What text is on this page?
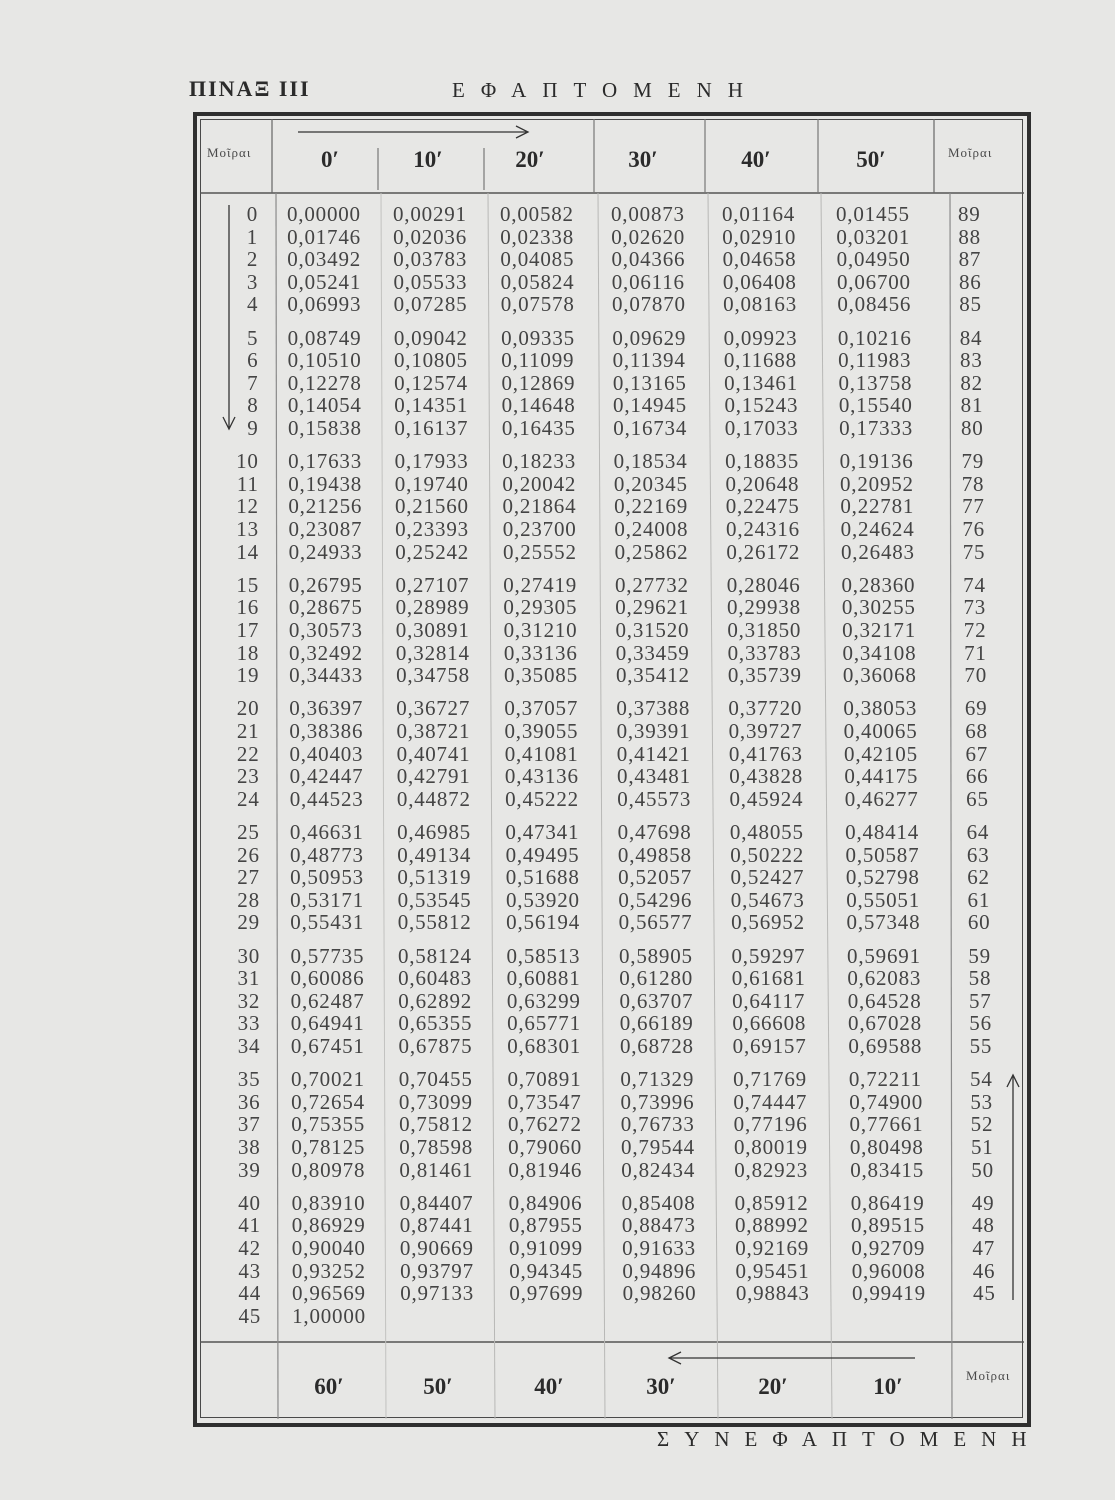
ΠΙΝΑΞ III	ΕΦΑΠΤΟΜΕΝΗ
Μοῖραι	0′	10′	20′	30′	40′	50′	Μοῖραι
0 0,00000 0,00291 0,00582 0,00873 0,01164 0,01455 89
1 0,01746 0,02036 0,02338 0,02620 0,02910 0,03201 88
2 0,03492 0,03783 0,04085 0,04366 0,04658 0,04950 87
3 0,05241 0,05533 0,05824 0,06116 0,06408 0,06700 86
4 0,06993 0,07285 0,07578 0,07870 0,08163 0,08456 85
5 0,08749 0,09042 0,09335 0,09629 0,09923 0,10216 84
6 0,10510 0,10805 0,11099 0,11394 0,11688 0,11983 83
7 0,12278 0,12574 0,12869 0,13165 0,13461 0,13758 82
8 0,14054 0,14351 0,14648 0,14945 0,15243 0,15540 81
9 0,15838 0,16137 0,16435 0,16734 0,17033 0,17333 80
10 0,17633 0,17933 0,18233 0,18534 0,18835 0,19136 79
11 0,19438 0,19740 0,20042 0,20345 0,20648 0,20952 78
12 0,21256 0,21560 0,21864 0,22169 0,22475 0,22781 77
13 0,23087 0,23393 0,23700 0,24008 0,24316 0,24624 76
14 0,24933 0,25242 0,25552 0,25862 0,26172 0,26483 75
15 0,26795 0,27107 0,27419 0,27732 0,28046 0,28360 74
16 0,28675 0,28989 0,29305 0,29621 0,29938 0,30255 73
17 0,30573 0,30891 0,31210 0,31520 0,31850 0,32171 72
18 0,32492 0,32814 0,33136 0,33459 0,33783 0,34108 71
19 0,34433 0,34758 0,35085 0,35412 0,35739 0,36068 70
20 0,36397 0,36727 0,37057 0,37388 0,37720 0,38053 69
21 0,38386 0,38721 0,39055 0,39391 0,39727 0,40065 68
22 0,40403 0,40741 0,41081 0,41421 0,41763 0,42105 67
23 0,42447 0,42791 0,43136 0,43481 0,43828 0,44175 66
24 0,44523 0,44872 0,45222 0,45573 0,45924 0,46277 65
25 0,46631 0,46985 0,47341 0,47698 0,48055 0,48414 64
26 0,48773 0,49134 0,49495 0,49858 0,50222 0,50587 63
27 0,50953 0,51319 0,51688 0,52057 0,52427 0,52798 62
28 0,53171 0,53545 0,53920 0,54296 0,54673 0,55051 61
29 0,55431 0,55812 0,56194 0,56577 0,56952 0,57348 60
30 0,57735 0,58124 0,58513 0,58905 0,59297 0,59691 59
31 0,60086 0,60483 0,60881 0,61280 0,61681 0,62083 58
32 0,62487 0,62892 0,63299 0,63707 0,64117 0,64528 57
33 0,64941 0,65355 0,65771 0,66189 0,66608 0,67028 56
34 0,67451 0,67875 0,68301 0,68728 0,69157 0,69588 55
35 0,70021 0,70455 0,70891 0,71329 0,71769 0,72211 54
36 0,72654 0,73099 0,73547 0,73996 0,74447 0,74900 53
37 0,75355 0,75812 0,76272 0,76733 0,77196 0,77661 52
38 0,78125 0,78598 0,79060 0,79544 0,80019 0,80498 51
39 0,80978 0,81461 0,81946 0,82434 0,82923 0,83415 50
40 0,83910 0,84407 0,84906 0,85408 0,85912 0,86419 49
41 0,86929 0,87441 0,87955 0,88473 0,88992 0,89515 48
42 0,90040 0,90669 0,91099 0,91633 0,92169 0,92709 47
43 0,93252 0,93797 0,94345 0,94896 0,95451 0,96008 46
44 0,96569 0,97133 0,97699 0,98260 0,98843 0,99419 45
45 1,00000
60′	50′	40′	30′	20′	10′	Μοῖραι
ΣΥΝΕΦΑΠΤΟΜΕΝΗ
